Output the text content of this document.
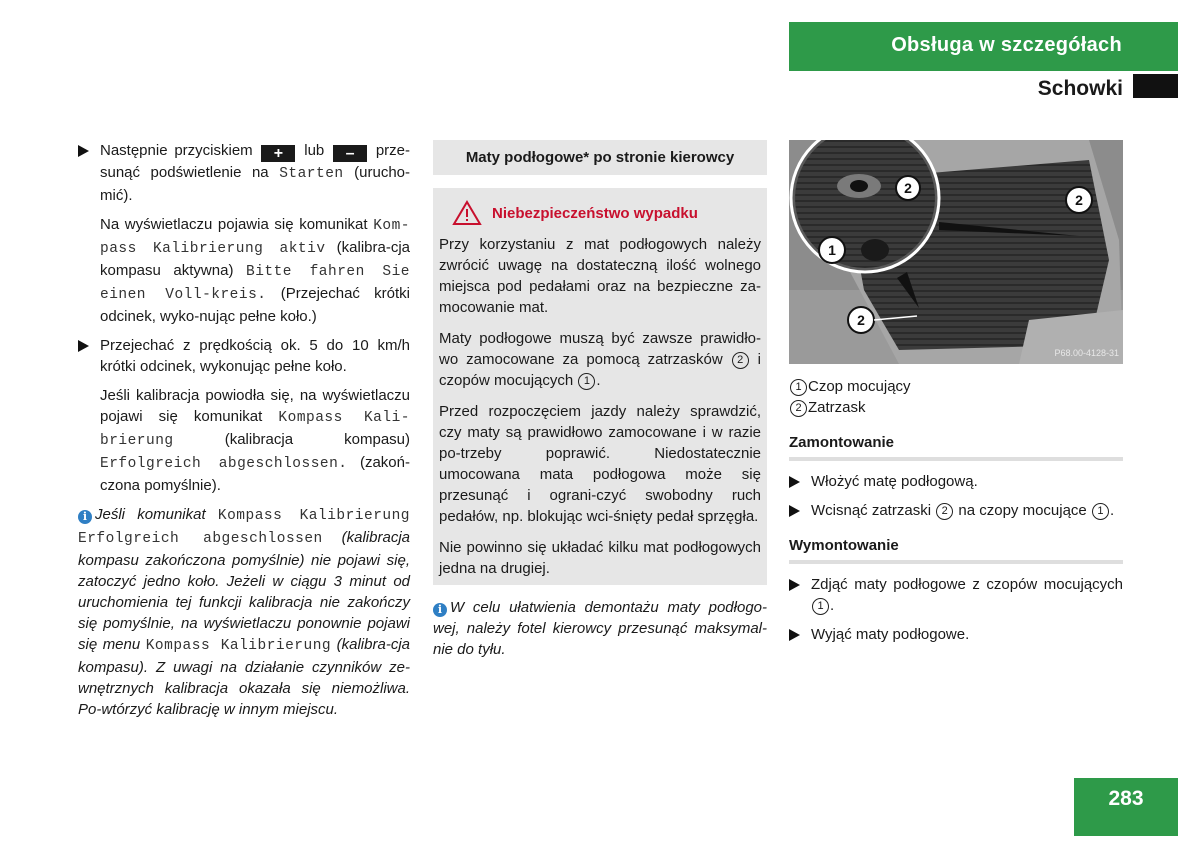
Obsługa w szczegółach
Schowki
Następnie przyciskiem + lub – prze-sunąć podświetlenie na Starten (urucho-mić).
Na wyświetlaczu pojawia się komunikat Kom-pass Kalibrierung aktiv (kalibra-cja kompasu aktywna) Bitte fahren Sie einen Voll-kreis. (Przejechać krótki odcinek, wyko-nując pełne koło.)
Przejechać z prędkością ok. 5 do 10 km/h krótki odcinek, wykonując pełne koło.
Jeśli kalibracja powiodła się, na wyświetlaczu pojawi się komunikat Kompass Kali-brierung	(kalibracja kompasu) Erfolgreich abgeschlossen. (zakoń-czona pomyślnie).
i Jeśli komunikat Kompass Kalibrierung Erfolgreich abgeschlossen (kalibracja kompasu zakończona pomyślnie) nie pojawi się, zatoczyć jedno koło. Jeżeli w ciągu 3 minut od uruchomienia tej funkcji kalibracja nie zakończy się pomyślnie, na wyświetlaczu ponownie pojawi się menu Kompass Kalibrierung (kalibra-cja kompasu). Z uwagi na działanie czynników ze-wnętrznych kalibracja okazała się niemożliwa. Po-wtórzyć kalibrację w innym miejscu.
Maty podłogowe* po stronie kierowcy
Niebezpieczeństwo wypadku

Przy korzystaniu z mat podłogowych należy zwrócić uwagę na dostateczną ilość wolnego miejsca pod pedałami oraz na bezpieczne za-mocowanie mat.

Maty podłogowe muszą być zawsze prawidło-wo zamocowane za pomocą zatrzasków 2 i czopów mocujących 1 .

Przed rozpoczęciem jazdy należy sprawdzić, czy maty są prawidłowo zamocowane i w razie po-trzeby poprawić. Niedostatecznie umocowana mata podłogowa może się przesunąć i ograni-czyć swobodny ruch pedałów, np. blokując wci-śnięty pedał sprzęgła.

Nie powinno się układać kilku mat podłogowych jedna na drugiej.

i W celu ułatwienia demontażu maty podłogo-wej, należy fotel kierowcy przesunąć maksymal-nie do tyłu.
2
1
2
2
P68.00-4128-31
1 Czop mocujący
2 Zatrzask
Zamontowanie
Włożyć matę podłogową.
Wcisnąć zatrzaski 2 na czopy mocujące 1 .
Wymontowanie
Zdjąć maty podłogowe z czopów mocujących 1 .
Wyjąć maty podłogowe.
283
